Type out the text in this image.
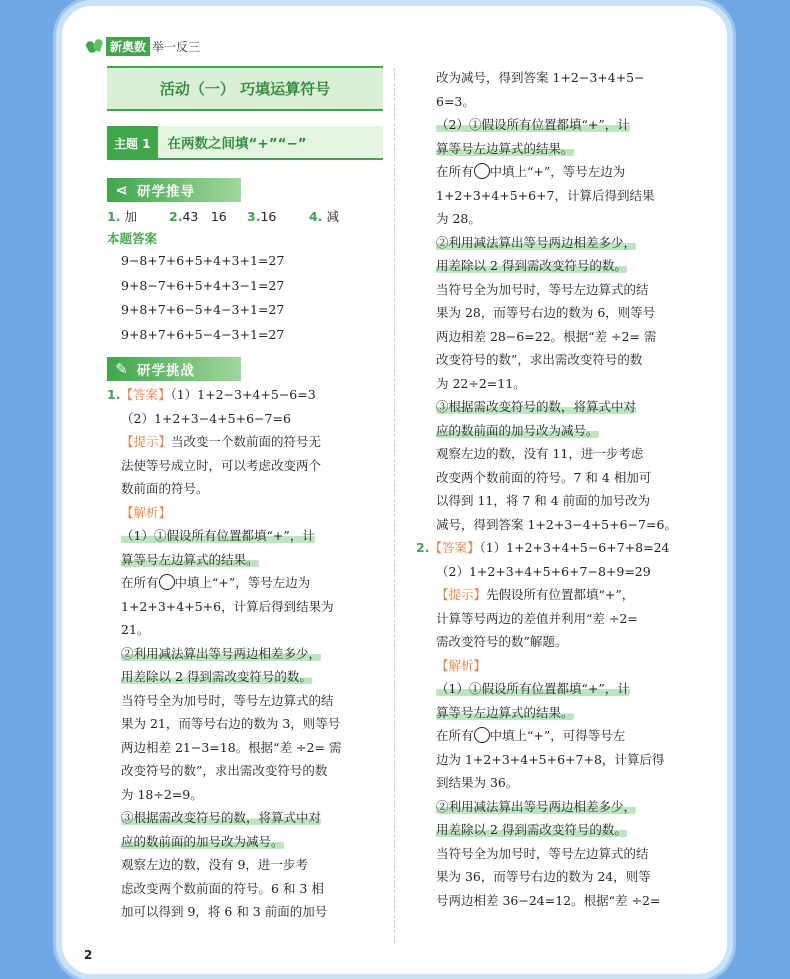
新奥数 举一反三
活动（一） 巧填运算符号
主题 1	在两数之间填“+”“−”
⋖ 研学推导
1. 加	2.43　16	3.16	4. 减
本题答案
9−8+7+6+5+4+3+1=27
9+8−7+6+5+4+3−1=27
9+8+7+6−5+4−3+1=27
9+8+7+6+5−4−3+1=27
✎ 研学挑战
1.【答案】（1）1+2−3+4+5−6=3
（2）1+2+3−4+5+6−7=6
【提示】当改变一个数前面的符号无
法使等号成立时，可以考虑改变两个
数前面的符号。
【解析】
（1）①假设所有位置都填“+”，计
算等号左边算式的结果。
在所有 中填上“+”，等号左边为
1+2+3+4+5+6，计算后得到结果为
21。
②利用减法算出等号两边相差多少，
用差除以 2 得到需改变符号的数。
当符号全为加号时，等号左边算式的结
果为 21，而等号右边的数为 3，则等号
两边相差 21−3=18。根据“差 ÷2= 需
改变符号的数”，求出需改变符号的数
为 18÷2=9。
③根据需改变符号的数，将算式中对
应的数前面的加号改为减号。
观察左边的数，没有 9，进一步考
虑改变两个数前面的符号。6 和 3 相
加可以得到 9，将 6 和 3 前面的加号
改为减号，得到答案 1+2−3+4+5−
6=3。
（2）①假设所有位置都填“+”，计
算等号左边算式的结果。
在所有 中填上“+”，等号左边为
1+2+3+4+5+6+7，计算后得到结果
为 28。
②利用减法算出等号两边相差多少，
用差除以 2 得到需改变符号的数。
当符号全为加号时，等号左边算式的结
果为 28，而等号右边的数为 6，则等号
两边相差 28−6=22。根据“差 ÷2= 需
改变符号的数”，求出需改变符号的数
为 22÷2=11。
③根据需改变符号的数，将算式中对
应的数前面的加号改为减号。
观察左边的数，没有 11，进一步考虑
改变两个数前面的符号。7 和 4 相加可
以得到 11，将 7 和 4 前面的加号改为
减号，得到答案 1+2+3−4+5+6−7=6。
2.【答案】（1）1+2+3+4+5−6+7+8=24
（2）1+2+3+4+5+6+7−8+9=29
【提示】先假设所有位置都填“+”，
计算等号两边的差值并利用“差 ÷2=
需改变符号的数”解题。
【解析】
（1）①假设所有位置都填“+”，计
算等号左边算式的结果。
在所有 中填上“+”，可得等号左
边为 1+2+3+4+5+6+7+8，计算后得
到结果为 36。
②利用减法算出等号两边相差多少，
用差除以 2 得到需改变符号的数。
当符号全为加号时，等号左边算式的结
果为 36，而等号右边的数为 24，则等
号两边相差 36−24=12。根据“差 ÷2=
2
